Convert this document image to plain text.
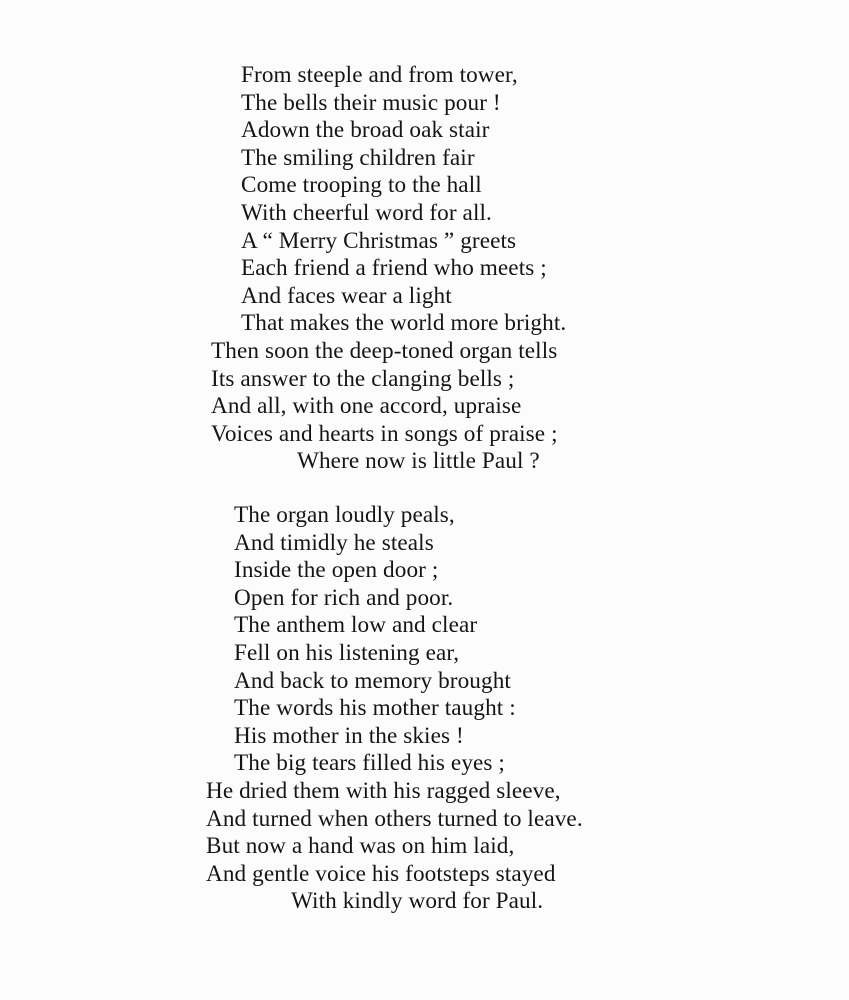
From steeple and from tower,
The bells their music pour !
Adown the broad oak stair
The smiling children fair
Come trooping to the hall
With cheerful word for all.
A “ Merry Christmas ” greets
Each friend a friend who meets ;
And faces wear a light
That makes the world more bright.
Then soon the deep-toned organ tells
Its answer to the clanging bells ;
And all, with one accord, upraise
Voices and hearts in songs of praise ;
Where now is little Paul ?
The organ loudly peals,
And timidly he steals
Inside the open door ;
Open for rich and poor.
The anthem low and clear
Fell on his listening ear,
And back to memory brought
The words his mother taught :
His mother in the skies !
The big tears filled his eyes ;
He dried them with his ragged sleeve,
And turned when others turned to leave.
But now a hand was on him laid,
And gentle voice his footsteps stayed
With kindly word for Paul.
